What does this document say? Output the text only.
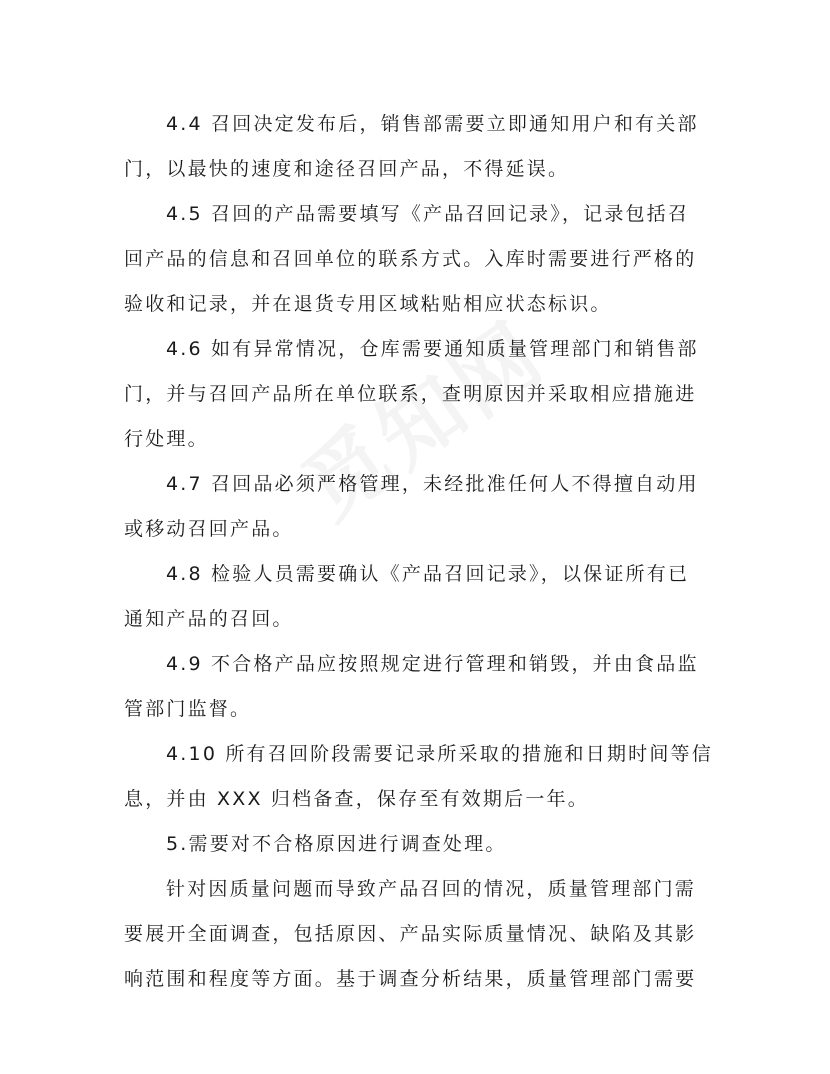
4.4 召回决定发布后，销售部需要立即通知用户和有关部
门，以最快的速度和途径召回产品，不得延误。
4.5 召回的产品需要填写《产品召回记录》，记录包括召
回产品的信息和召回单位的联系方式。入库时需要进行严格的
验收和记录，并在退货专用区域粘贴相应状态标识。
4.6 如有异常情况，仓库需要通知质量管理部门和销售部
门，并与召回产品所在单位联系，查明原因并采取相应措施进
行处理。
4.7 召回品必须严格管理，未经批准任何人不得擅自动用
或移动召回产品。
4.8 检验人员需要确认《产品召回记录》，以保证所有已
通知产品的召回。
4.9 不合格产品应按照规定进行管理和销毁，并由食品监
管部门监督。
4.10 所有召回阶段需要记录所采取的措施和日期时间等信
息，并由 XXX 归档备查，保存至有效期后一年。
5.需要对不合格原因进行调查处理。
针对因质量问题而导致产品召回的情况，质量管理部门需
要展开全面调查，包括原因、产品实际质量情况、缺陷及其影
响范围和程度等方面。基于调查分析结果，质量管理部门需要
